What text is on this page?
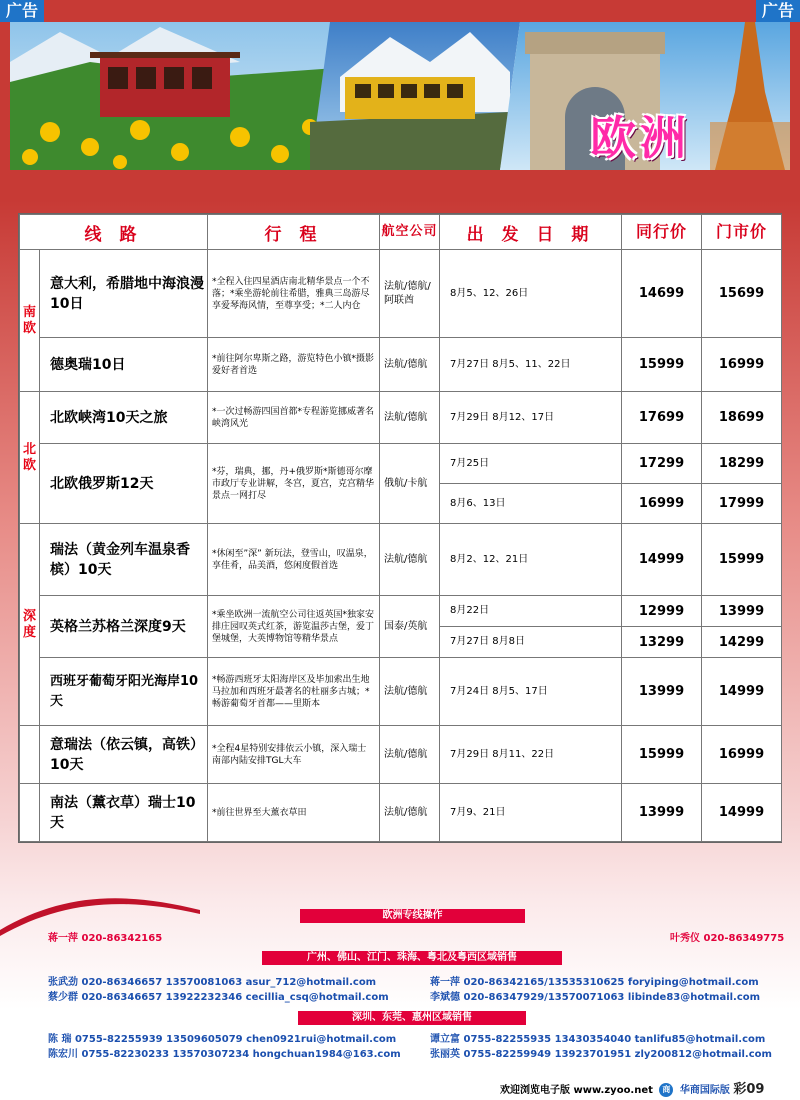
广告	广告
欧洲
线 路		行 程	航空公司	出 发 日 期	同行价	门市价
南欧	意大利，希腊地中海浪漫10日	*全程入住四星酒店南北精华景点一个不落；*乘坐游轮前往希腊，雅典三岛游尽享爱琴海风情，至尊享受；*二人内仓	法航/德航/阿联酋	8月5、12、26日	14699	15699
	德奥瑞10日	*前往阿尔卑斯之路，游览特色小镇*摄影爱好者首选	法航/德航	7月27日 8月5、11、22日	15999	16999
北欧	北欧峡湾10天之旅	*一次过畅游四国首都*专程游览挪威著名峡湾风光	法航/德航	7月29日 8月12、17日	17699	18699
	北欧俄罗斯12天	*芬，瑞典，挪，丹+俄罗斯*斯德哥尔摩市政厅专业讲解，冬宫，夏宫，克宫精华景点一网打尽	俄航/卡航	7月25日	17299	18299
				8月6、13日	16999	17999
深度	瑞法（黄金列车温泉香槟）10天	*休闲至”深” 新玩法，登雪山，叹温泉，享佳肴，品美酒，悠闲度假首选	法航/德航	8月2、12、21日	14999	15999
	英格兰苏格兰深度9天	*乘坐欧洲一流航空公司往返英国*独家安排庄园叹英式红茶，游览温莎古堡，爱丁堡城堡，大英博物馆等精华景点	国泰/英航	8月22日	12999	13999
				7月27日 8月8日	13299	14299
	西班牙葡萄牙阳光海岸10天	*畅游西班牙太阳海岸区及毕加索出生地马拉加和西班牙最著名的杜丽多古城；*畅游葡萄牙首都——里斯本	法航/德航	7月24日 8月5、17日	13999	14999
	意瑞法（依云镇，高铁）10天	*全程4星特别安排依云小镇，深入瑞士南部内陆安排TGL大车	法航/德航	7月29日 8月11、22日	15999	16999
	南法（薰衣草）瑞士10天	*前往世界至大薰衣草田	法航/德航	7月9、21日	13999	14999
欧洲专线操作
蒋一萍 020-86342165	叶秀仪 020-86349775
广州、佛山、江门、珠海、粤北及粤西区域销售
张武劲 020-86346657 13570081063 asur_712@hotmail.com
蔡少群 020-86346657 13922232346 cecillia_csq@hotmail.com
蒋一萍 020-86342165/13535310625 foryiping@hotmail.com
李斌德 020-86347929/13570071063 libinde83@hotmail.com
深圳、东莞、惠州区域销售
陈 瑞 0755-82255939 13509605079 chen0921rui@hotmail.com
陈宏川 0755-82230233 13570307234 hongchuan1984@163.com
谭立富 0755-82255935 13430354040 tanlifu85@hotmail.com
张丽英 0755-82259949 13923701951 zly200812@hotmail.com
欢迎浏览电子版 www.zyoo.net 商 华商国际版 彩09
